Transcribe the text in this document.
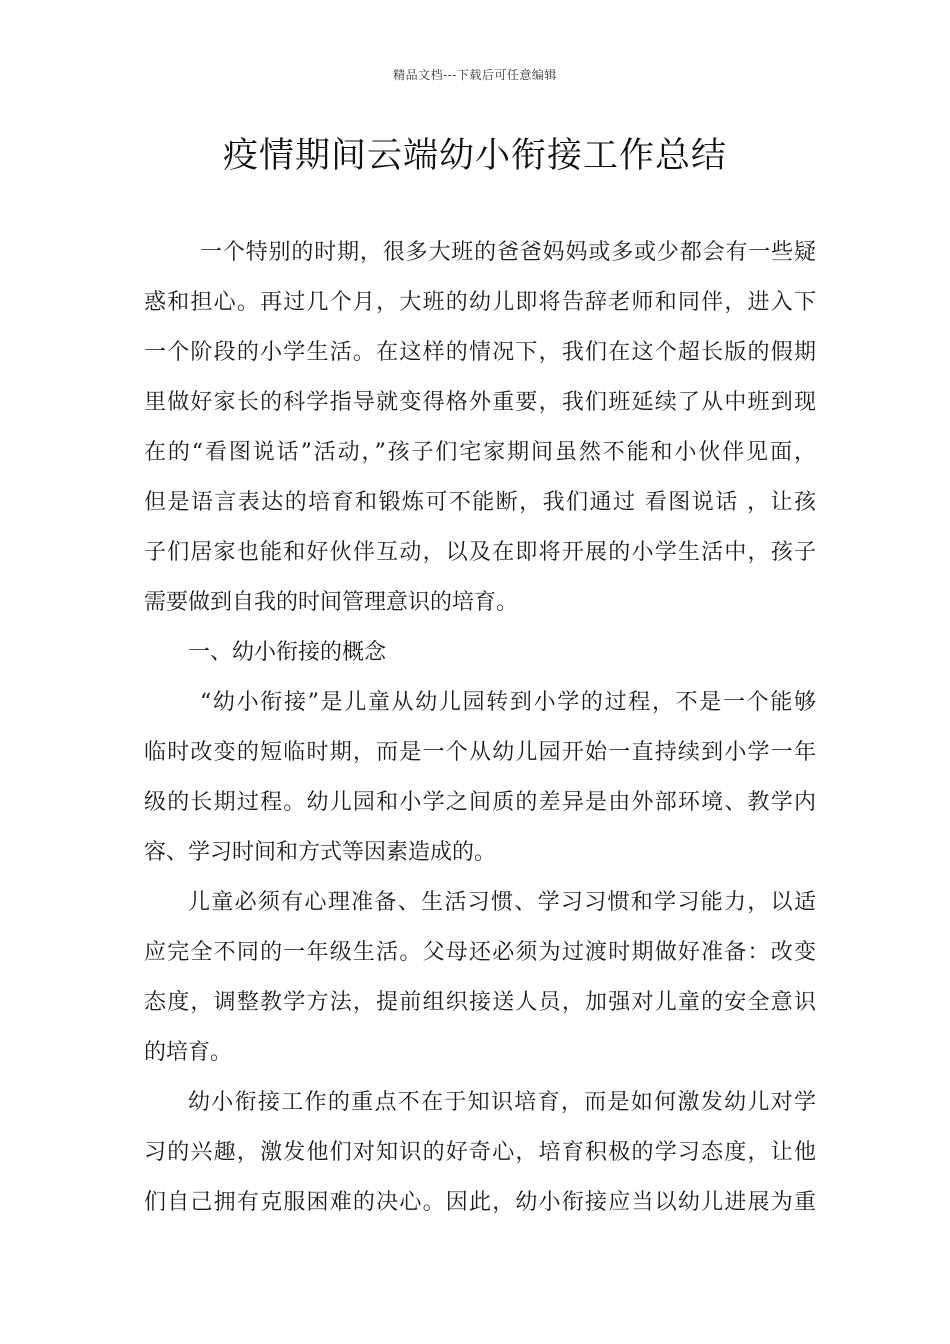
精品文档---下载后可任意编辑
疫情期间云端幼小衔接工作总结
一个特别的时期，很多大班的爸爸妈妈或多或少都会有一些疑
惑和担心。再过几个月，大班的幼儿即将告辞老师和同伴，进入下
一个阶段的小学生活。在这样的情况下，我们在这个超长版的假期
里做好家长的科学指导就变得格外重要，我们班延续了从中班到现
在的“看图说话”活动，”孩子们宅家期间虽然不能和小伙伴见面，
但是语言表达的培育和锻炼可不能断，我们通过 看图说话 ，让孩
子们居家也能和好伙伴互动，以及在即将开展的小学生活中，孩子
需要做到自我的时间管理意识的培育。
一、幼小衔接的概念
“幼小衔接”是儿童从幼儿园转到小学的过程，不是一个能够
临时改变的短临时期，而是一个从幼儿园开始一直持续到小学一年
级的长期过程。幼儿园和小学之间质的差异是由外部环境、教学内
容、学习时间和方式等因素造成的。
儿童必须有心理准备、生活习惯、学习习惯和学习能力，以适
应完全不同的一年级生活。父母还必须为过渡时期做好准备：改变
态度，调整教学方法，提前组织接送人员，加强对儿童的安全意识
的培育。
幼小衔接工作的重点不在于知识培育，而是如何激发幼儿对学
习的兴趣，激发他们对知识的好奇心，培育积极的学习态度，让他
们自己拥有克服困难的决心。因此，幼小衔接应当以幼儿进展为重
